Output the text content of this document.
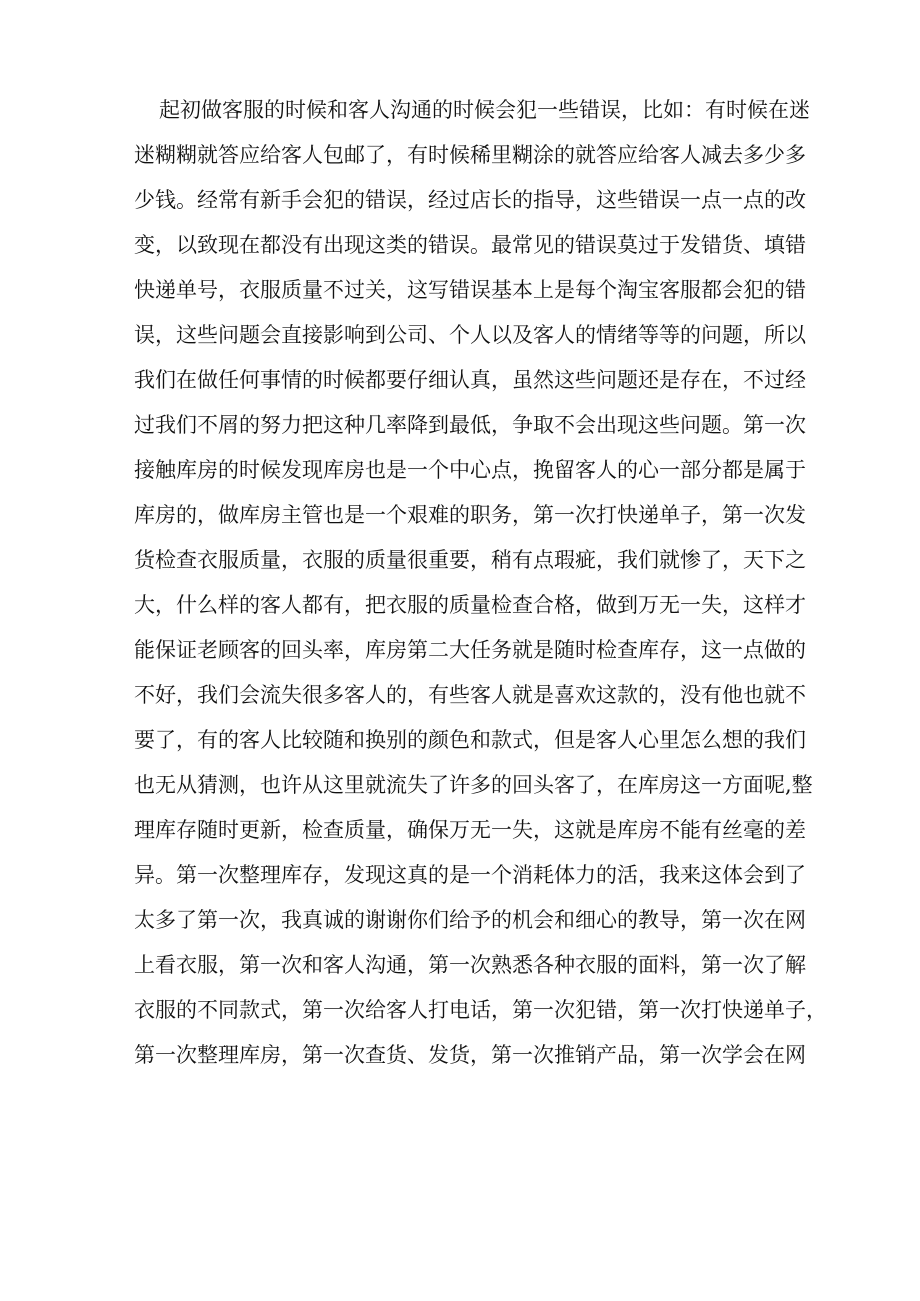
起初做客服的时候和客人沟通的时候会犯一些错误，比如：有时候在迷
迷糊糊就答应给客人包邮了，有时候稀里糊涂的就答应给客人减去多少多
少钱。经常有新手会犯的错误，经过店长的指导，这些错误一点一点的改
变，以致现在都没有出现这类的错误。最常见的错误莫过于发错货、填错
快递单号，衣服质量不过关，这写错误基本上是每个淘宝客服都会犯的错
误，这些问题会直接影响到公司、个人以及客人的情绪等等的问题，所以
我们在做任何事情的时候都要仔细认真，虽然这些问题还是存在，不过经
过我们不屑的努力把这种几率降到最低，争取不会出现这些问题。第一次
接触库房的时候发现库房也是一个中心点，挽留客人的心一部分都是属于
库房的，做库房主管也是一个艰难的职务，第一次打快递单子，第一次发
货检查衣服质量，衣服的质量很重要，稍有点瑕疵，我们就惨了，天下之
大，什么样的客人都有，把衣服的质量检查合格，做到万无一失，这样才
能保证老顾客的回头率，库房第二大任务就是随时检查库存，这一点做的
不好，我们会流失很多客人的，有些客人就是喜欢这款的，没有他也就不
要了，有的客人比较随和换别的颜色和款式，但是客人心里怎么想的我们
也无从猜测，也许从这里就流失了许多的回头客了，在库房这一方面呢,整
理库存随时更新，检查质量，确保万无一失，这就是库房不能有丝毫的差
异。第一次整理库存，发现这真的是一个消耗体力的活，我来这体会到了
太多了第一次，我真诚的谢谢你们给予的机会和细心的教导，第一次在网
上看衣服，第一次和客人沟通，第一次熟悉各种衣服的面料，第一次了解
衣服的不同款式，第一次给客人打电话，第一次犯错，第一次打快递单子，
第一次整理库房，第一次查货、发货，第一次推销产品，第一次学会在网
